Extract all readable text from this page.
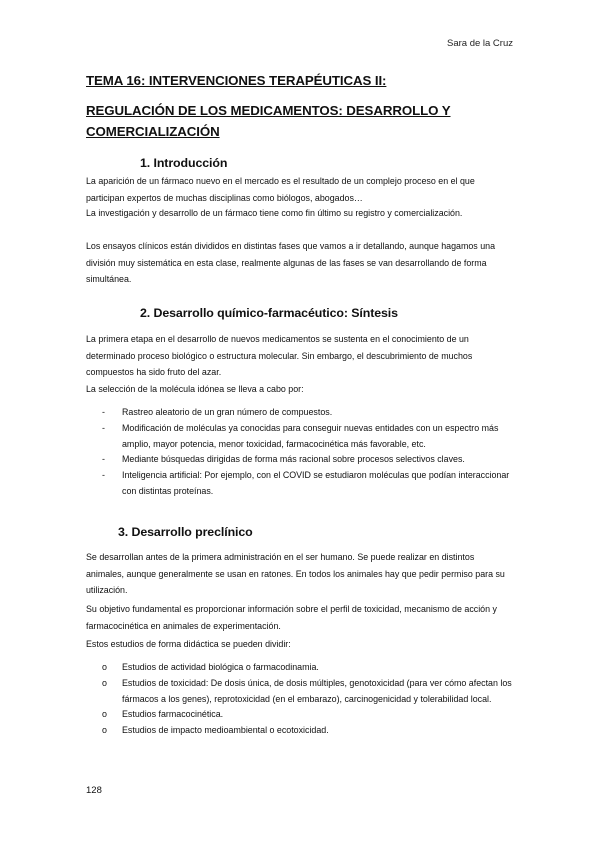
Sara de la Cruz
TEMA 16: INTERVENCIONES TERAPÉUTICAS II:
REGULACIÓN DE LOS MEDICAMENTOS: DESARROLLO Y COMERCIALIZACIÓN
1. Introducción

La aparición de un fármaco nuevo en el mercado es el resultado de un complejo proceso en el que participan expertos de muchas disciplinas como biólogos, abogados…

La investigación y desarrollo de un fármaco tiene como fin último su registro y comercialización.

Los ensayos clínicos están divididos en distintas fases que vamos a ir detallando, aunque hagamos una división muy sistemática en esta clase, realmente algunas de las fases se van desarrollando de forma simultánea.

2. Desarrollo químico-farmacéutico: Síntesis

La primera etapa en el desarrollo de nuevos medicamentos se sustenta en el conocimiento de un determinado proceso biológico o estructura molecular. Sin embargo, el descubrimiento de muchos compuestos ha sido fruto del azar.

La selección de la molécula idónea se lleva a cabo por:

- Rastreo aleatorio de un gran número de compuestos.
- Modificación de moléculas ya conocidas para conseguir nuevas entidades con un espectro más amplio, mayor potencia, menor toxicidad, farmacocinética más favorable, etc.
- Mediante búsquedas dirigidas de forma más racional sobre procesos selectivos claves.
- Inteligencia artificial: Por ejemplo, con el COVID se estudiaron moléculas que podían interaccionar con distintas proteínas.
3. Desarrollo preclínico

Se desarrollan antes de la primera administración en el ser humano. Se puede realizar en distintos animales, aunque generalmente se usan en ratones. En todos los animales hay que pedir permiso para su utilización.

Su objetivo fundamental es proporcionar información sobre el perfil de toxicidad, mecanismo de acción y farmacocinética en animales de experimentación.

Estos estudios de forma didáctica se pueden dividir:

o Estudios de actividad biológica o farmacodinamia.
o Estudios de toxicidad: De dosis única, de dosis múltiples, genotoxicidad (para ver cómo afectan los fármacos a los genes), reprotoxicidad (en el embarazo), carcinogenicidad y tolerabilidad local.
o Estudios farmacocinética.
o Estudios de impacto medioambiental o ecotoxicidad.
128
